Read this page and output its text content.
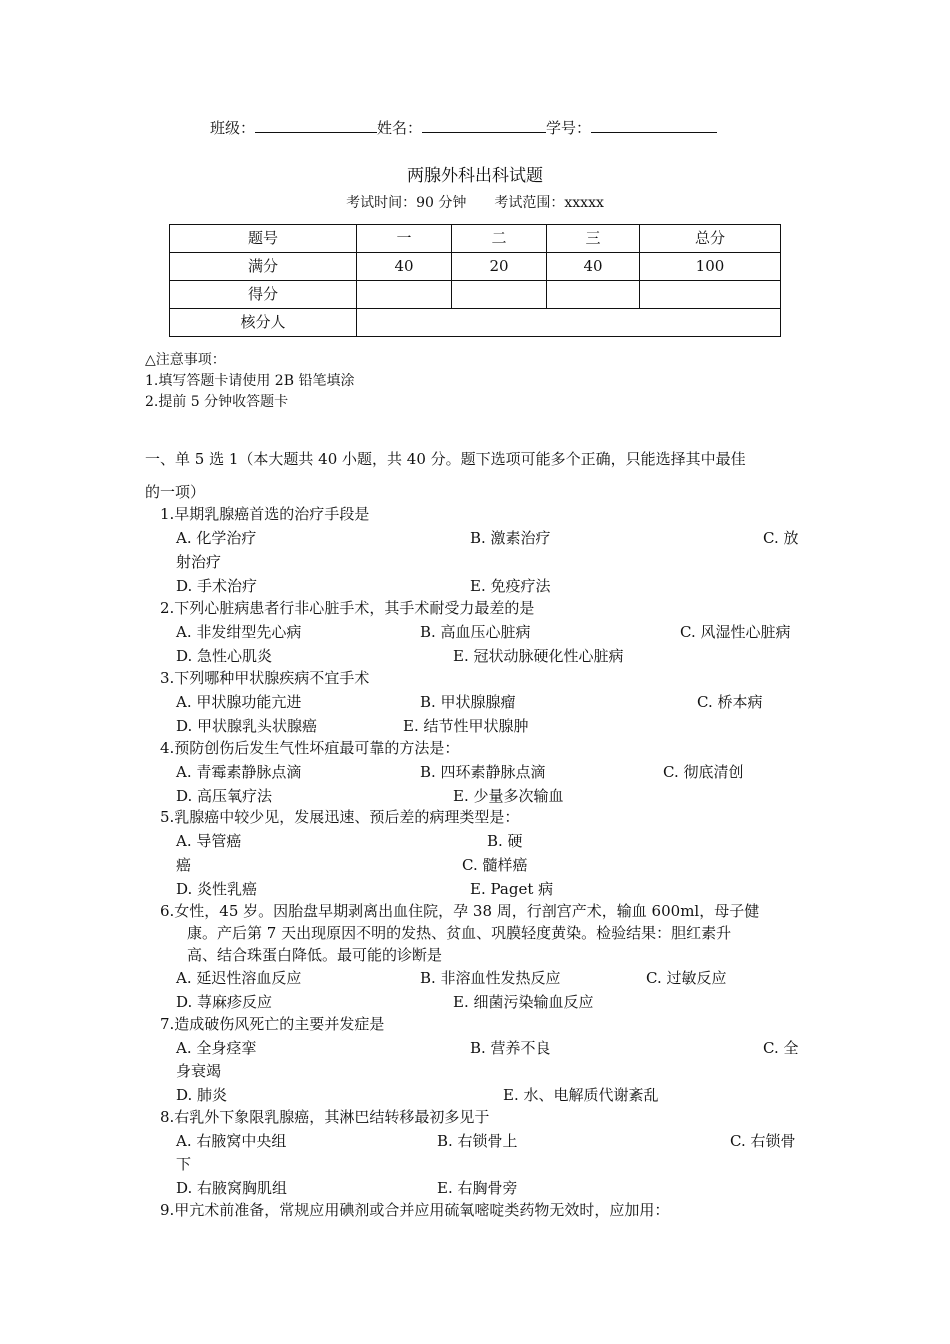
班级：	姓名：	学号：
两腺外科出科试题
考试时间：90 分钟 考试范围：xxxxx
题号	一	二	三	总分
满分	40	20	40	100
得分				
核分人				
△注意事项：
1.填写答题卡请使用 2B 铅笔填涂
2.提前 5 分钟收答题卡
一、单 5 选 1（本大题共 40 小题，共 40 分。题下选项可能多个正确，只能选择其中最佳
的一项）
1.早期乳腺癌首选的治疗手段是
A. 化学治疗	B. 激素治疗	C. 放
射治疗
D. 手术治疗	E. 免疫疗法
2.下列心脏病患者行非心脏手术，其手术耐受力最差的是
A. 非发绀型先心病	B. 高血压心脏病	C. 风湿性心脏病
D. 急性心肌炎	E. 冠状动脉硬化性心脏病
3.下列哪种甲状腺疾病不宜手术
A. 甲状腺功能亢进	B. 甲状腺腺瘤	C. 桥本病
D. 甲状腺乳头状腺癌	E. 结节性甲状腺肿
4.预防创伤后发生气性坏疽最可靠的方法是：
A. 青霉素静脉点滴	B. 四环素静脉点滴	C. 彻底清创
D. 高压氧疗法	E. 少量多次输血
5.乳腺癌中较少见，发展迅速、预后差的病理类型是：
A. 导管癌	B. 硬
癌	C. 髓样癌
D. 炎性乳癌	E. Paget 病
6.女性，45 岁。因胎盘早期剥离出血住院，孕 38 周，行剖宫产术，输血 600ml，母子健
康。产后第 7 天出现原因不明的发热、贫血、巩膜轻度黄染。检验结果：胆红素升
高、结合珠蛋白降低。最可能的诊断是
A. 延迟性溶血反应	B. 非溶血性发热反应	C. 过敏反应
D. 荨麻疹反应	E. 细菌污染输血反应
7.造成破伤风死亡的主要并发症是
A. 全身痉挛	B. 营养不良	C. 全
身衰竭
D. 肺炎	E. 水、电解质代谢紊乱
8.右乳外下象限乳腺癌，其淋巴结转移最初多见于
A. 右腋窝中央组	B. 右锁骨上	C. 右锁骨
下
D. 右腋窝胸肌组	E. 右胸骨旁
9.甲亢术前准备，常规应用碘剂或合并应用硫氧嘧啶类药物无效时，应加用：
